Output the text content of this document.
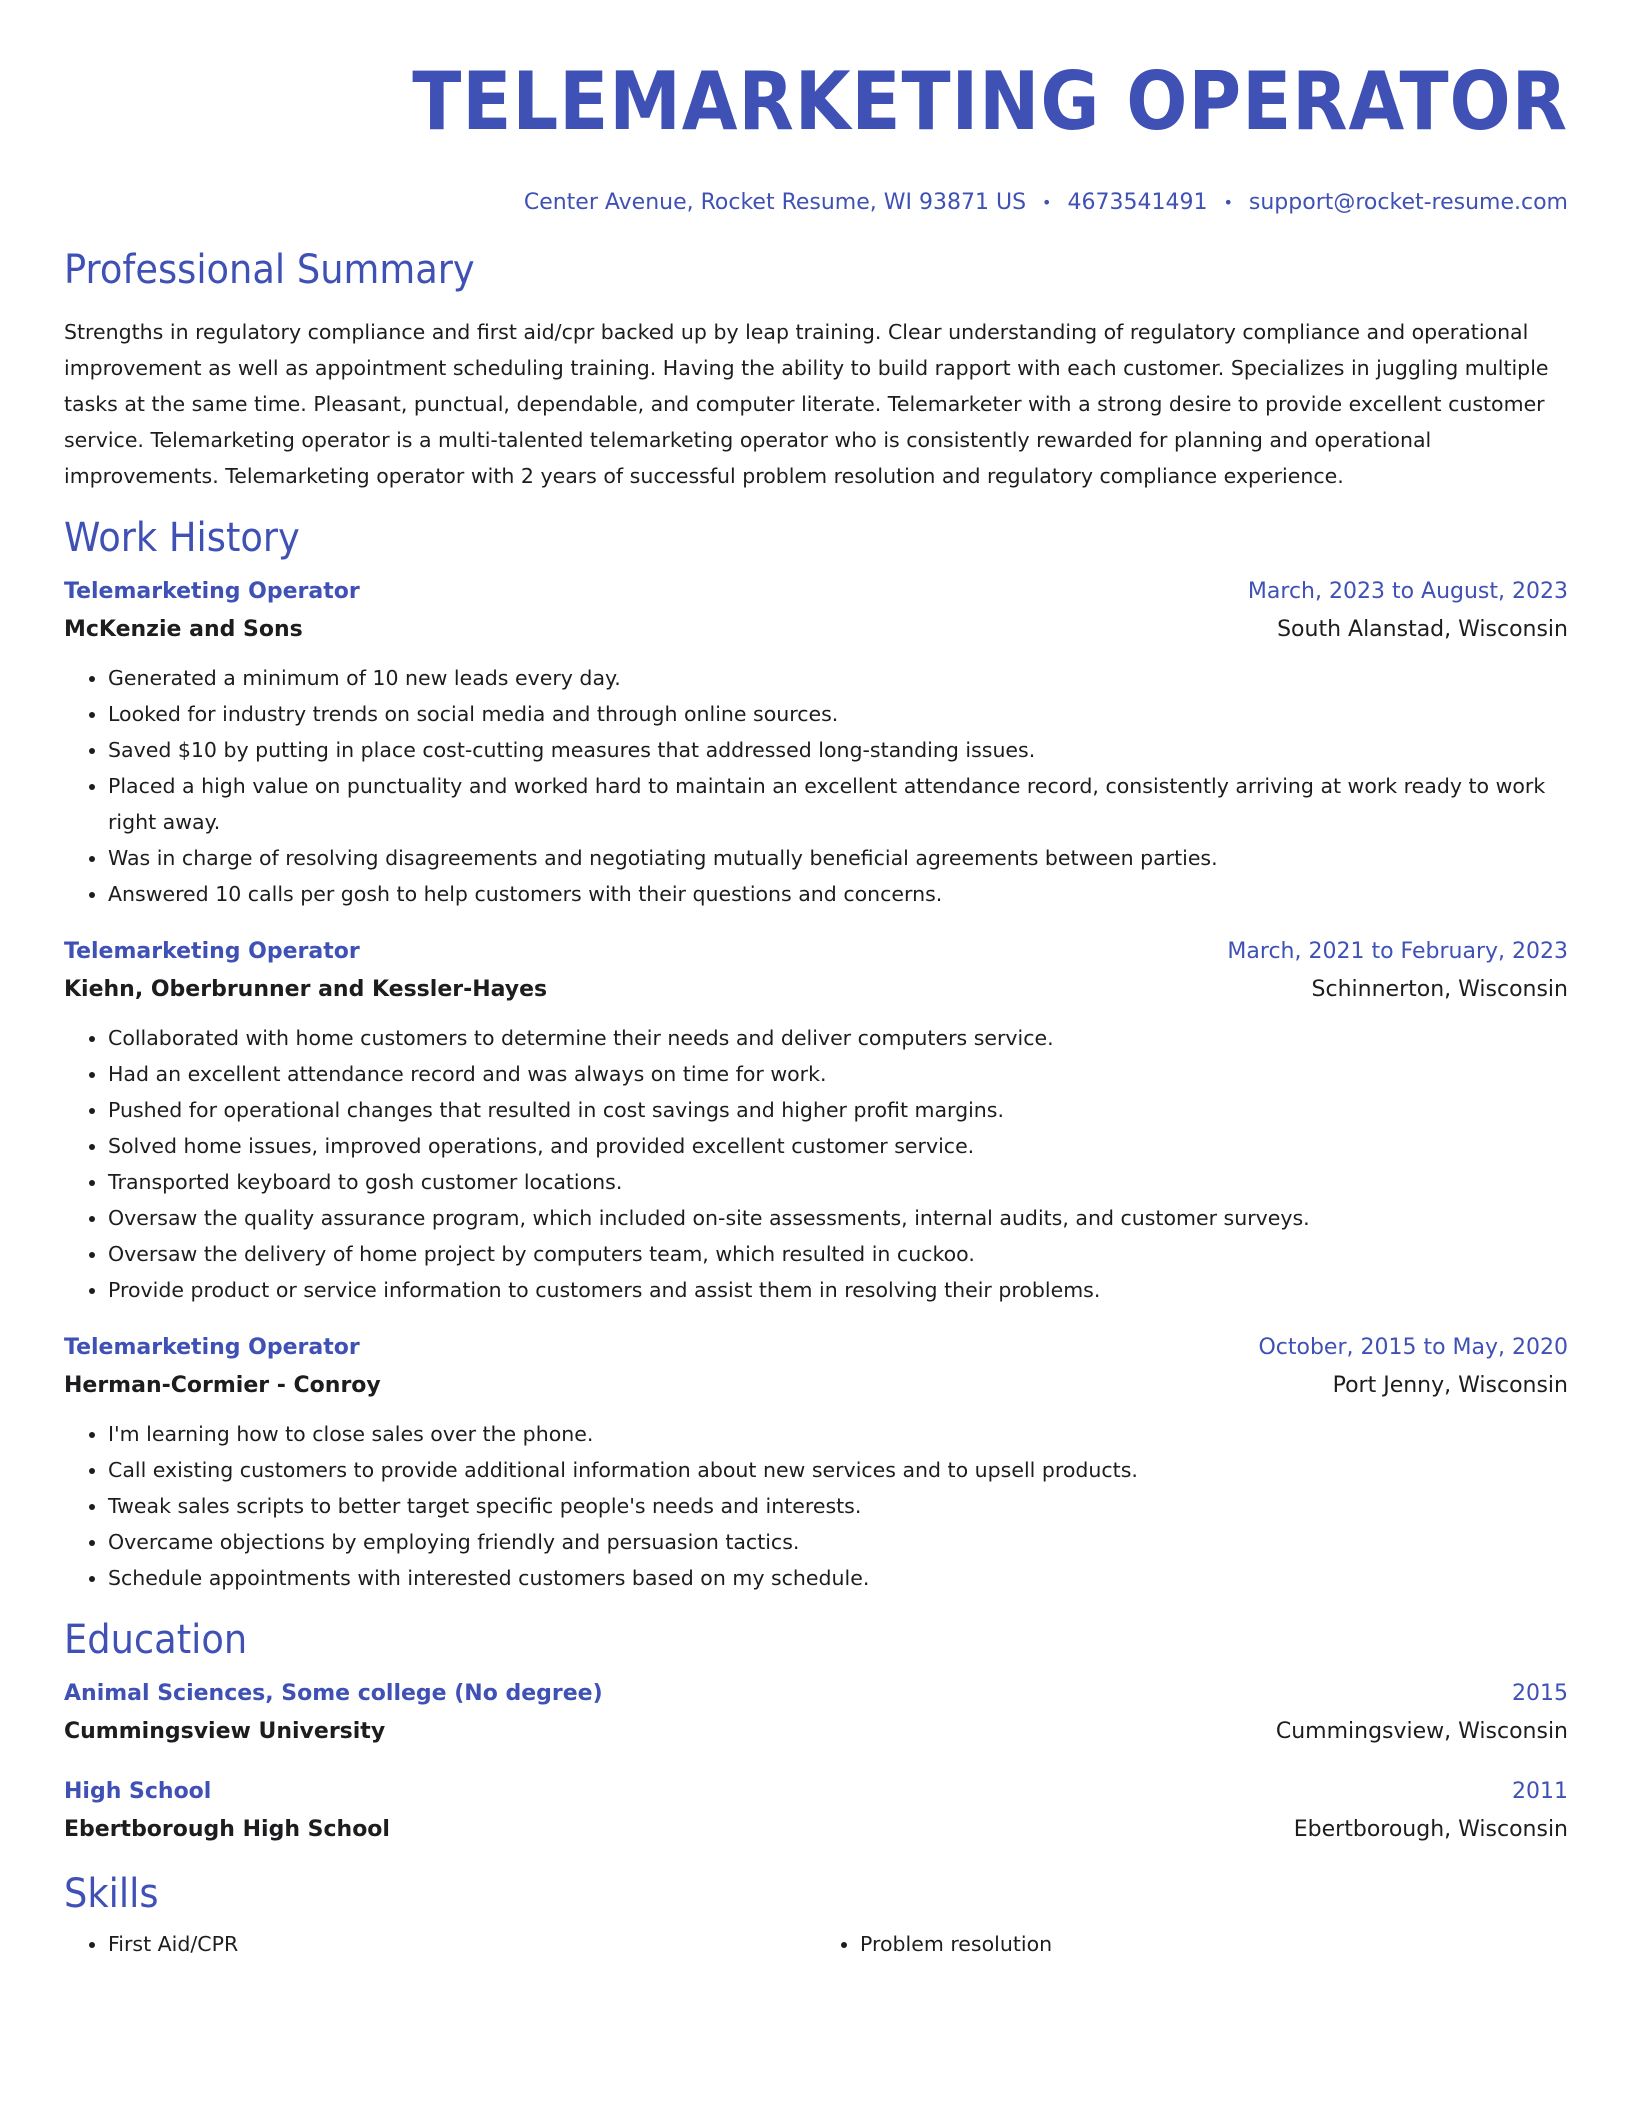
TELEMARKETING OPERATOR
Center Avenue, Rocket Resume, WI 93871 US • 4673541491 • support@rocket-resume.com
Professional Summary

Strengths in regulatory compliance and first aid/cpr backed up by leap training. Clear understanding of regulatory compliance and operational improvement as well as appointment scheduling training. Having the ability to build rapport with each customer. Specializes in juggling multiple tasks at the same time. Pleasant, punctual, dependable, and computer literate. Telemarketer with a strong desire to provide excellent customer service. Telemarketing operator is a multi-talented telemarketing operator who is consistently rewarded for planning and operational improvements. Telemarketing operator with 2 years of successful problem resolution and regulatory compliance experience.

Work History
Telemarketing Operator	March, 2023 to August, 2023
McKenzie and Sons	South Alanstad, Wisconsin
• Generated a minimum of 10 new leads every day.
• Looked for industry trends on social media and through online sources.
• Saved $10 by putting in place cost-cutting measures that addressed long-standing issues.
• Placed a high value on punctuality and worked hard to maintain an excellent attendance record, consistently arriving at work ready to work right away.
• Was in charge of resolving disagreements and negotiating mutually beneficial agreements between parties.
• Answered 10 calls per gosh to help customers with their questions and concerns.
Telemarketing Operator	March, 2021 to February, 2023
Kiehn, Oberbrunner and Kessler-Hayes	Schinnerton, Wisconsin
• Collaborated with home customers to determine their needs and deliver computers service.
• Had an excellent attendance record and was always on time for work.
• Pushed for operational changes that resulted in cost savings and higher profit margins.
• Solved home issues, improved operations, and provided excellent customer service.
• Transported keyboard to gosh customer locations.
• Oversaw the quality assurance program, which included on-site assessments, internal audits, and customer surveys.
• Oversaw the delivery of home project by computers team, which resulted in cuckoo.
• Provide product or service information to customers and assist them in resolving their problems.
Telemarketing Operator	October, 2015 to May, 2020
Herman-Cormier - Conroy	Port Jenny, Wisconsin
• I'm learning how to close sales over the phone.
• Call existing customers to provide additional information about new services and to upsell products.
• Tweak sales scripts to better target specific people's needs and interests.
• Overcame objections by employing friendly and persuasion tactics.
• Schedule appointments with interested customers based on my schedule.
Education
Animal Sciences, Some college (No degree)	2015
Cummingsview University	Cummingsview, Wisconsin
High School	2011
Ebertborough High School	Ebertborough, Wisconsin
Skills
• First Aid/CPR
•	Problem resolution
